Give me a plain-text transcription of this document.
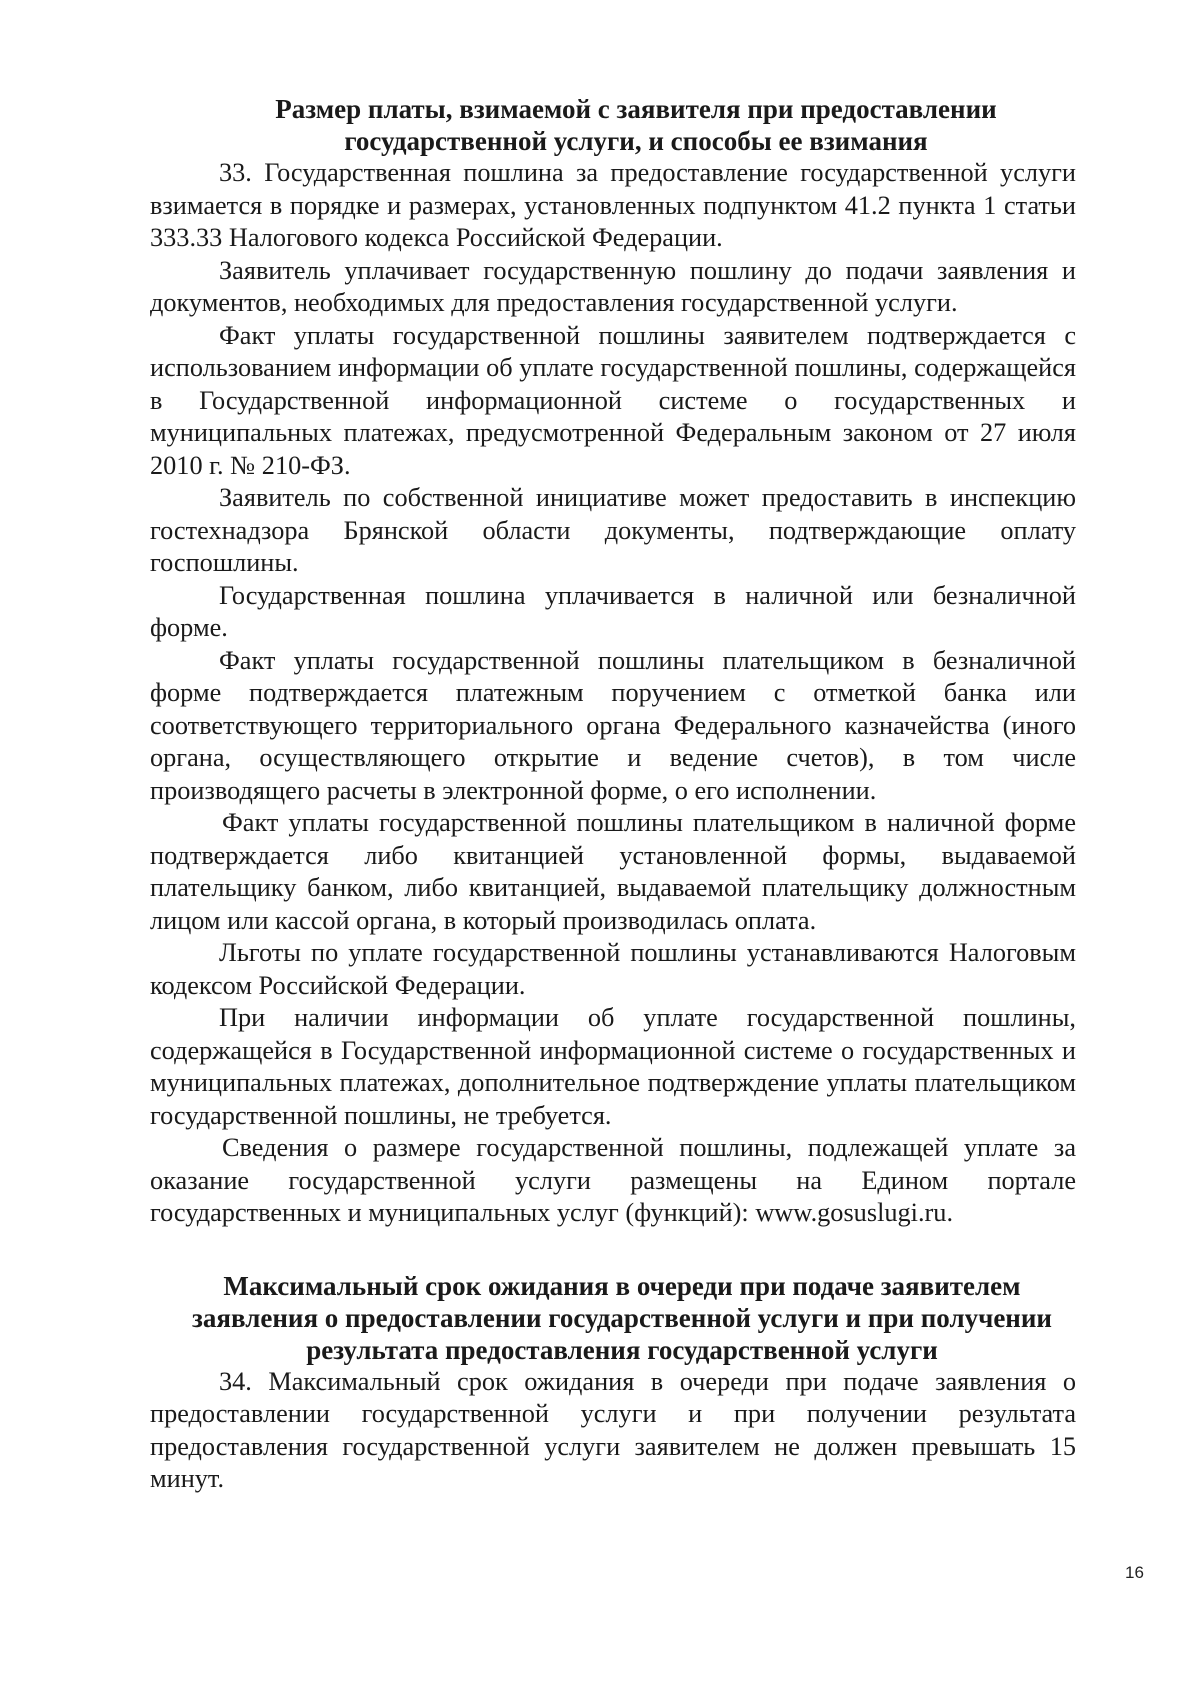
Размер платы, взимаемой с заявителя при предоставлении
государственной услуги, и способы ее взимания

33. Государственная пошлина за предоставление государственной услуги взимается в порядке и размерах, установленных подпунктом 41.2 пункта 1 статьи 333.33 Налогового кодекса Российской Федерации.

Заявитель уплачивает государственную пошлину до подачи заявления и документов, необходимых для предоставления государственной услуги.

Факт уплаты государственной пошлины заявителем подтверждается с использованием информации об уплате государственной пошлины, содержащейся в Государственной информационной системе о государственных и муниципальных платежах, предусмотренной Федеральным законом от 27 июля 2010 г. № 210-ФЗ.

Заявитель по собственной инициативе может предоставить в инспекцию гостехнадзора Брянской области документы, подтверждающие оплату госпошлины.

Государственная пошлина уплачивается в наличной или безналичной форме.

Факт уплаты государственной пошлины плательщиком в безналичной форме подтверждается платежным поручением с отметкой банка или соответствующего территориального органа Федерального казначейства (иного органа, осуществляющего открытие и ведение счетов), в том числе производящего расчеты в электронной форме, о его исполнении.

Факт уплаты государственной пошлины плательщиком в наличной форме подтверждается либо квитанцией установленной формы, выдаваемой плательщику банком, либо квитанцией, выдаваемой плательщику должностным лицом или кассой органа, в который производилась оплата.

Льготы по уплате государственной пошлины устанавливаются Налоговым кодексом Российской Федерации.

При наличии информации об уплате государственной пошлины, содержащейся в Государственной информационной системе о государственных и муниципальных платежах, дополнительное подтверждение уплаты плательщиком государственной пошлины, не требуется.

Сведения о размере государственной пошлины, подлежащей уплате за оказание государственной услуги размещены на Едином портале государственных и муниципальных услуг (функций): www.gosuslugi.ru.

Максимальный срок ожидания в очереди при подаче заявителем
заявления о предоставлении государственной услуги и при получении
результата предоставления государственной услуги

34. Максимальный срок ожидания в очереди при подаче заявления о предоставлении государственной услуги и при получении результата предоставления государственной услуги заявителем не должен превышать 15 минут.

16
